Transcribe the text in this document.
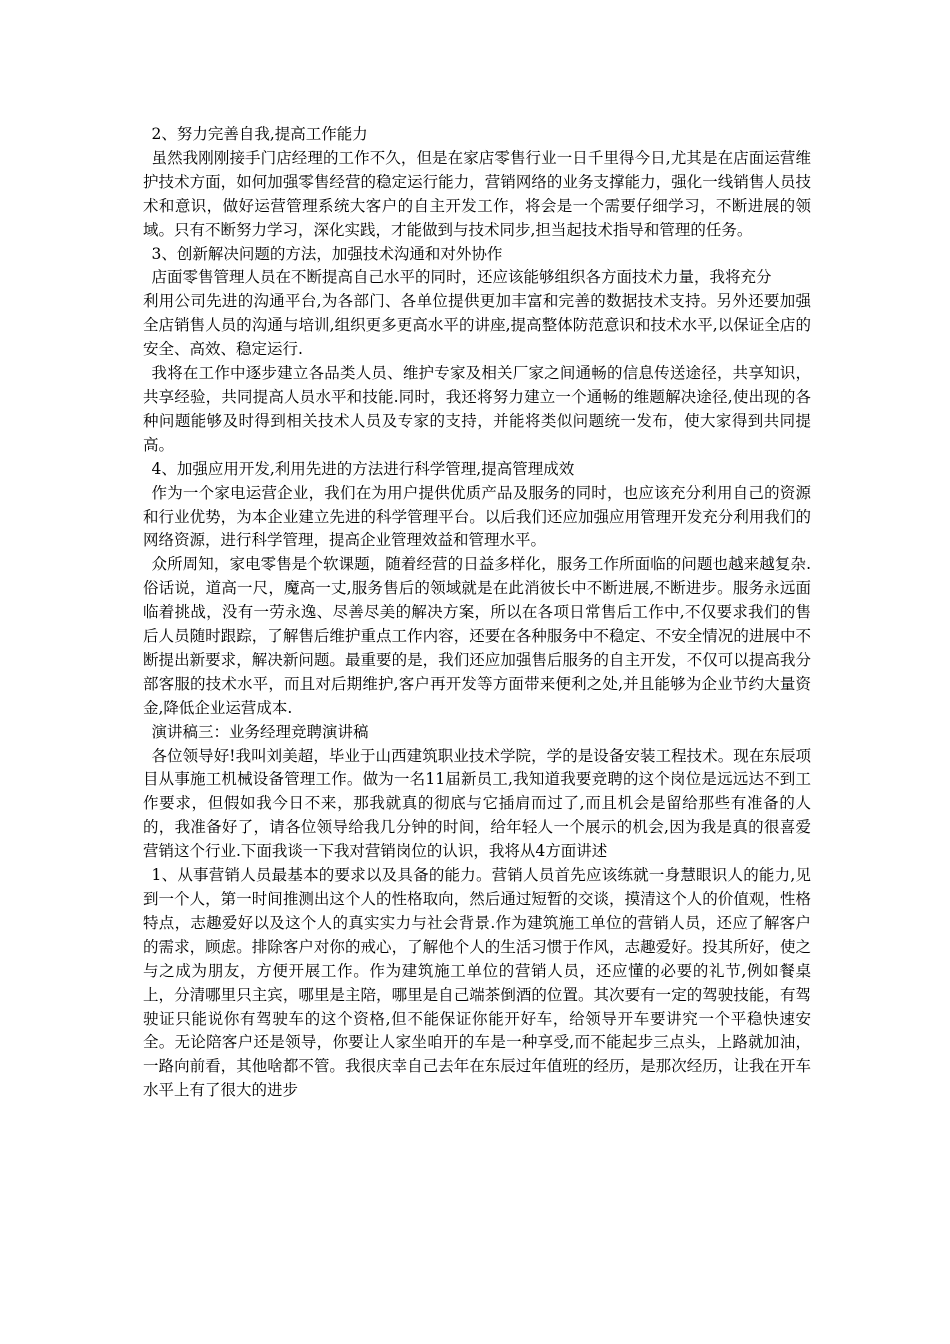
2、努力完善自我,提高工作能力

虽然我刚刚接手门店经理的工作不久，但是在家店零售行业一日千里得今日,尤其是在店面运营维护技术方面，如何加强零售经营的稳定运行能力，营销网络的业务支撑能力，强化一线销售人员技术和意识，做好运营管理系统大客户的自主开发工作，将会是一个需要仔细学习，不断进展的领域。只有不断努力学习，深化实践，才能做到与技术同步,担当起技术指导和管理的任务。

3、创新解决问题的方法，加强技术沟通和对外协作

店面零售管理人员在不断提高自己水平的同时，还应该能够组织各方面技术力量，我将充分

利用公司先进的沟通平台,为各部门、各单位提供更加丰富和完善的数据技术支持。另外还要加强全店销售人员的沟通与培训,组织更多更高水平的讲座,提高整体防范意识和技术水平,以保证全店的安全、高效、稳定运行.

我将在工作中逐步建立各品类人员、维护专家及相关厂家之间通畅的信息传送途径，共享知识，共享经验，共同提高人员水平和技能.同时，我还将努力建立一个通畅的维题解决途径,使出现的各种问题能够及时得到相关技术人员及专家的支持，并能将类似问题统一发布，使大家得到共同提高。

4、加强应用开发,利用先进的方法进行科学管理,提高管理成效

作为一个家电运营企业，我们在为用户提供优质产品及服务的同时，也应该充分利用自己的资源和行业优势，为本企业建立先进的科学管理平台。以后我们还应加强应用管理开发充分利用我们的网络资源，进行科学管理，提高企业管理效益和管理水平。

众所周知，家电零售是个软课题，随着经营的日益多样化，服务工作所面临的问题也越来越复杂.俗话说，道高一尺，魔高一丈,服务售后的领域就是在此消彼长中不断进展,不断进步。服务永远面临着挑战，没有一劳永逸、尽善尽美的解决方案，所以在各项日常售后工作中,不仅要求我们的售后人员随时跟踪，了解售后维护重点工作内容，还要在各种服务中不稳定、不安全情况的进展中不断提出新要求，解决新问题。最重要的是，我们还应加强售后服务的自主开发，不仅可以提高我分部客服的技术水平，而且对后期维护,客户再开发等方面带来便利之处,并且能够为企业节约大量资金,降低企业运营成本.

演讲稿三：业务经理竞聘演讲稿

各位领导好!我叫刘美超，毕业于山西建筑职业技术学院，学的是设备安装工程技术。现在东辰项目从事施工机械设备管理工作。做为一名11届新员工,我知道我要竞聘的这个岗位是远远达不到工作要求，但假如我今日不来，那我就真的彻底与它插肩而过了,而且机会是留给那些有准备的人的，我准备好了，请各位领导给我几分钟的时间，给年轻人一个展示的机会,因为我是真的很喜爱营销这个行业.下面我谈一下我对营销岗位的认识，我将从4方面讲述

1、从事营销人员最基本的要求以及具备的能力。营销人员首先应该练就一身慧眼识人的能力,见到一个人，第一时间推测出这个人的性格取向，然后通过短暂的交谈，摸清这个人的价值观，性格特点，志趣爱好以及这个人的真实实力与社会背景.作为建筑施工单位的营销人员，还应了解客户的需求，顾虑。排除客户对你的戒心，了解他个人的生活习惯于作风，志趣爱好。投其所好，使之与之成为朋友，方便开展工作。作为建筑施工单位的营销人员，还应懂的必要的礼节,例如餐桌上，分清哪里只主宾，哪里是主陪，哪里是自己端茶倒酒的位置。其次要有一定的驾驶技能，有驾驶证只能说你有驾驶车的这个资格,但不能保证你能开好车，给领导开车要讲究一个平稳快速安全。无论陪客户还是领导，你要让人家坐咱开的车是一种享受,而不能起步三点头，上路就加油，一路向前看，其他啥都不管。我很庆幸自己去年在东辰过年值班的经历，是那次经历，让我在开车水平上有了很大的进步
